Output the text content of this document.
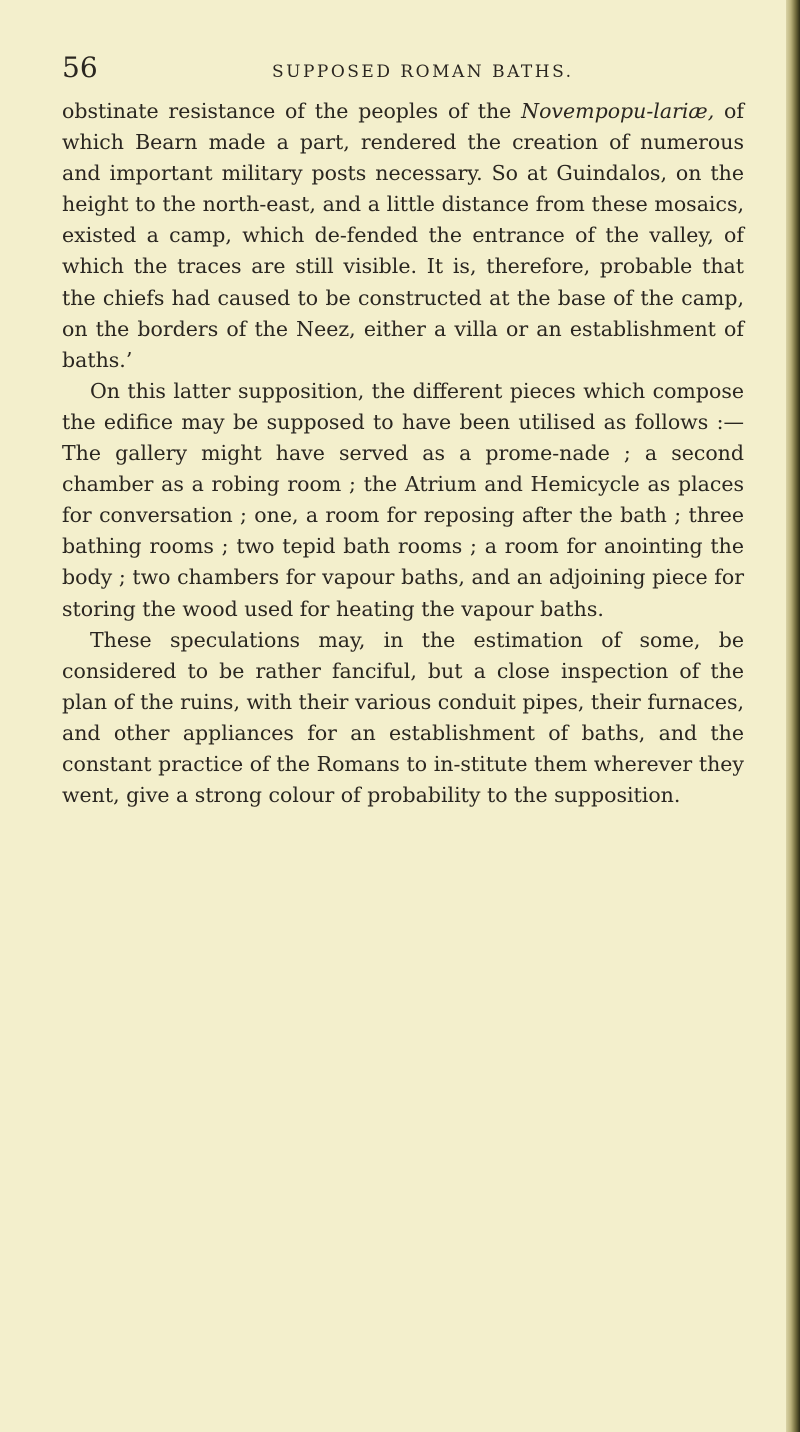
56	SUPPOSED ROMAN BATHS.

obstinate resistance of the peoples of the Novempopu-lariæ, of which Bearn made a part, rendered the creation of numerous and important military posts necessary. So at Guindalos, on the height to the north-east, and a little distance from these mosaics, existed a camp, which de-fended the entrance of the valley, of which the traces are still visible. It is, therefore, probable that the chiefs had caused to be constructed at the base of the camp, on the borders of the Neez, either a villa or an establishment of baths.’

On this latter supposition, the different pieces which compose the edifice may be supposed to have been utilised as follows :—The gallery might have served as a prome-nade ; a second chamber as a robing room ; the Atrium and Hemicycle as places for conversation ; one, a room for reposing after the bath ; three bathing rooms ; two tepid bath rooms ; a room for anointing the body ; two chambers for vapour baths, and an adjoining piece for storing the wood used for heating the vapour baths.

These speculations may, in the estimation of some, be considered to be rather fanciful, but a close inspection of the plan of the ruins, with their various conduit pipes, their furnaces, and other appliances for an establishment of baths, and the constant practice of the Romans to in-stitute them wherever they went, give a strong colour of probability to the supposition.
